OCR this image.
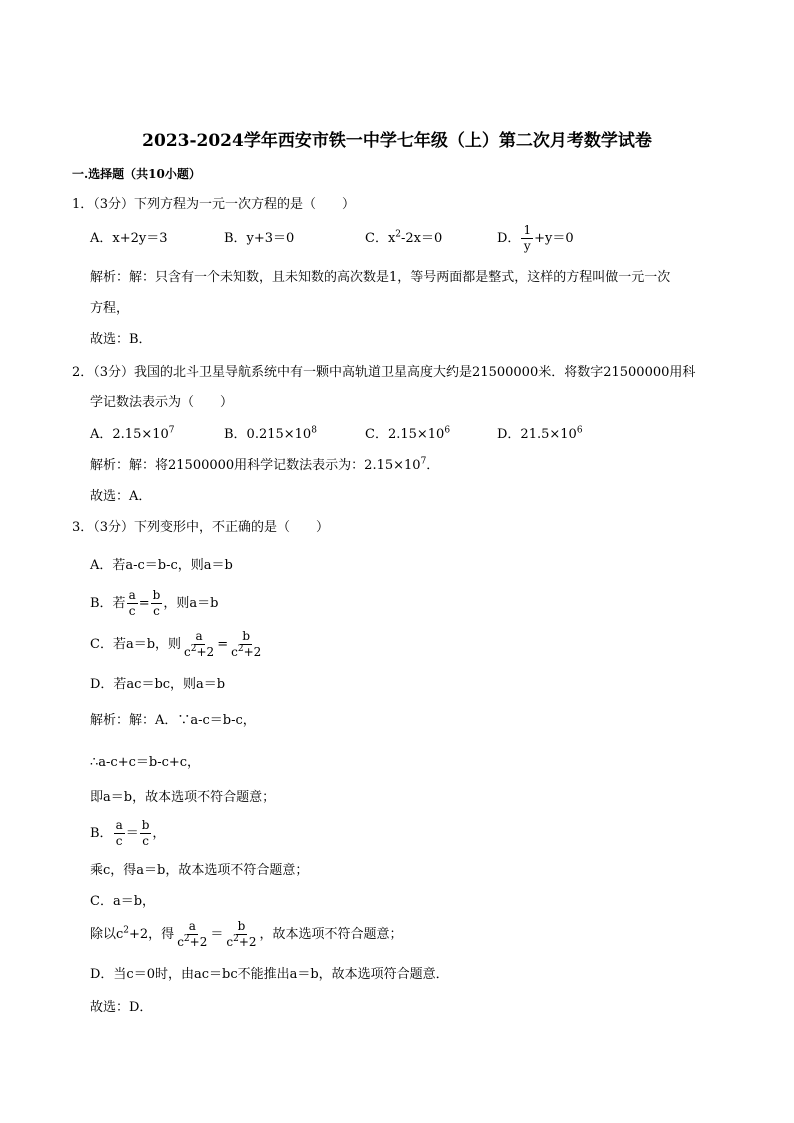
2023-2024学年西安市铁一中学七年级（上）第二次月考数学试卷
一.选择题（共10小题）
1．（3分）下列方程为一元一次方程的是（　　）
A．x+2y＝3	B．y+3＝0	C．$x^2-2x=0$	D． $\frac{1}{y} +y=0$
解析：解：只含有一个未知数，且未知数的高次数是1，等号两面都是整式，这样的方程叫做一元一次
方程，
故选：B．
2．（3分）我国的北斗卫星导航系统中有一颗中高轨道卫星高度大约是21500000米．将数字21500000用科
学记数法表示为（　　）
A．$2.15\times 10^7$	B．$0.215\times 10^8$	C．$2.15\times 10^6$	D．$21.5\times 10^6$
解析：解：将21500000用科学记数法表示为：$2.15\times 10^7$．
故选：A．
3．（3分）下列变形中，不正确的是（　　）
A．若a-c＝b-c，则a＝b
B．若 $\frac{a}{c} = \frac{b}{c}$ ，则a＝b
C．若a＝b，则 $\frac{a}{c^2+2} = \frac{b}{c^2+2}$
D．若ac＝bc，则a＝b
解析：解：A．∵a-c＝b-c，
∴a-c+c＝b-c+c，
即a＝b，故本选项不符合题意；
B． $\frac{a}{c} = \frac{b}{c}$ ，
乘c，得a＝b，故本选项不符合题意；
C．a＝b，
除以$c^2+2$，得 $\frac{a}{c^2+2} = \frac{b}{c^2+2}$ ，故本选项不符合题意；
D．当c＝0时，由ac＝bc不能推出a＝b，故本选项符合题意．
故选：D．
